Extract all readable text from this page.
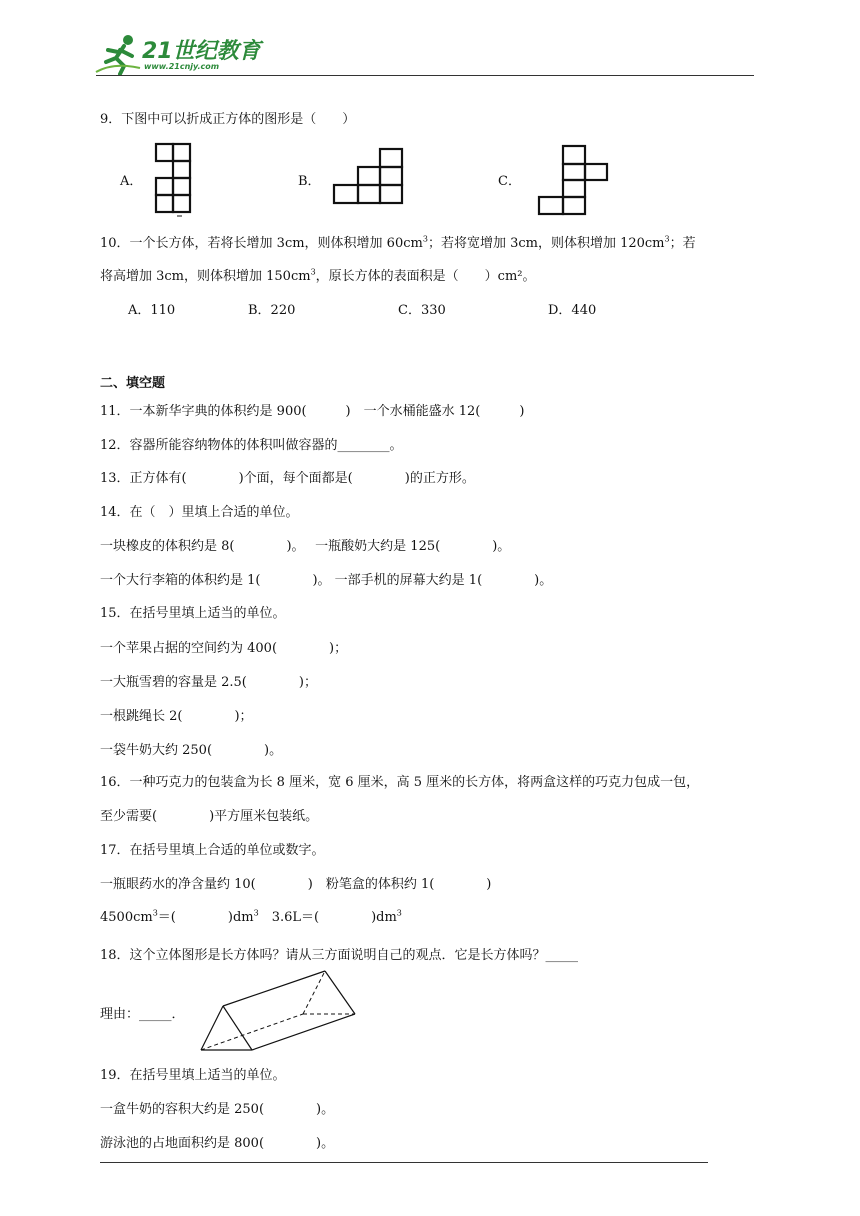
21世纪教育
www.21cnjy.com
9．下图中可以折成正方体的图形是（　　）
A．	B．	C．
10．一个长方体，若将长增加 3cm，则体积增加 $60cm^3$；若将宽增加 3cm，则体积增加 $120cm^3$；若
将高增加 3cm，则体积增加 $150cm^3$，原长方体的表面积是（　　）cm²。
A．110	B．220	C．330	D．440
二、填空题
11．一本新华字典的体积约是 900(　　　)　一个水桶能盛水 12(　　　)
12．容器所能容纳物体的体积叫做容器的________。
13．正方体有(　　　　)个面，每个面都是(　　　　)的正方形。
14．在（　）里填上合适的单位。
一块橡皮的体积约是 8(　　　　)。　 一瓶酸奶大约是 125(　　　　)。
一个大行李箱的体积约是 1(　　　　)。 一部手机的屏幕大约是 1(　　　　)。
15．在括号里填上适当的单位。
一个苹果占据的空间约为 400(　　　　)；
一大瓶雪碧的容量是 2.5(　　　　)；
一根跳绳长 2(　　　　)；
一袋牛奶大约 250(　　　　)。
16．一种巧克力的包装盒为长 8 厘米，宽 6 厘米，高 5 厘米的长方体，将两盒这样的巧克力包成一包，
至少需要(　　　　)平方厘米包装纸。
17．在括号里填上合适的单位或数字。
一瓶眼药水的净含量约 10(　　　　)　粉笔盒的体积约 1(　　　　)
$4500cm^3=$(　　　　)$dm^3$　3.6L＝(　　　　)$dm^3$
18．这个立体图形是长方体吗？请从三方面说明自己的观点．它是长方体吗？_____
理由：_____．
19．在括号里填上适当的单位。
一盒牛奶的容积大约是 250(　　　　)。
游泳池的占地面积约是 800(　　　　)。
